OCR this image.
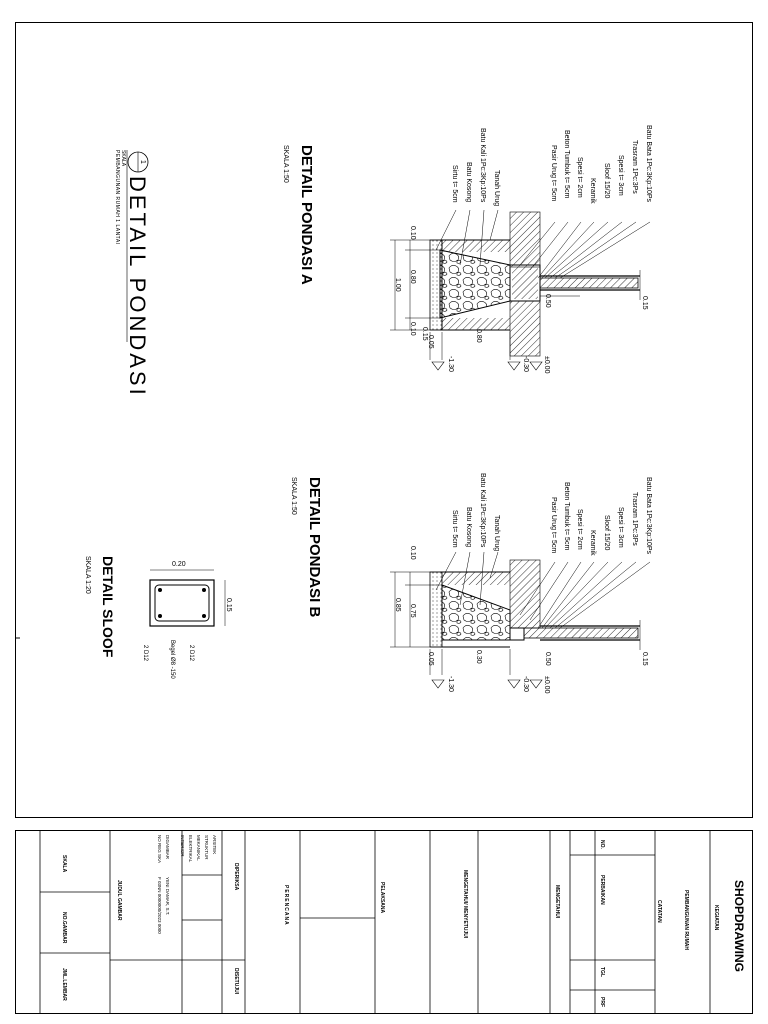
1
DETAIL PONDASI
SKALA
PEMBANGUNAN RUMAH 1 LANTAI	DETAIL PONDASI A
SKALA 1:50	Batu Bata 1Pc:3Kp:10Ps
Trasram 1Pc:3Ps
Spesi t= 3cm
Sloof 15/20
Keramik
Spesi t= 2cm
Beton Tumbuk t= 5cm
Pasir Urug t= 5cm
Tanah Urug
Batu Kali 1Pc:3Kp:10Ps
Batu Kosong
Sirtu t= 5cm
0.10
1.00
0.80
0.10 0.15
0.05	0.80
0.50	0.15
-1.30	-0.30 ±0.00
DETAIL PONDASI B
SKALA 1:50	Batu Bata 1Pc:3Kp:10Ps
Trasram 1Pc:3Ps
Spesi t= 3cm
Sloof 15/20
Keramik
Spesi t= 2cm
Beton Tumbuk t= 5cm
Pasir Urug t= 5cm
Tanah Urug
Batu Kali 1Pc:3Kp:10Ps
Batu Kosong
Sirtu t= 5cm
0.10
0.85 0.75
0.05	0.30	0.50	0.15
-1.30	-0.30 ±0.00
DETAIL SLOOF
SKALA 1:20	0.20
0.15
2 D12
2 D12	Begel Ø8 -150
SHOPDRAWING
KEGIATAN
PEMBANGUNAN RUMAH
CATATAN
NO.
PERBAIKAN
TGL
PRF
MENGETAHUI
MENGETAHUI/ MENYETUJUI
PELAKSANA
PERENCANA
DIPERIKSA
DISETUJUI
ARSITEK
STRUKTUR
MEKANIKAL
ELEKTRIKAL
INTERIOR
DIGAMBAR
NO REG SKA
YENI DAMAR, S.T.
F 03NN 0000000/2023 0000
JUDUL GAMBAR
SKALA
NO.GAMBAR
JML.LEMBAR
